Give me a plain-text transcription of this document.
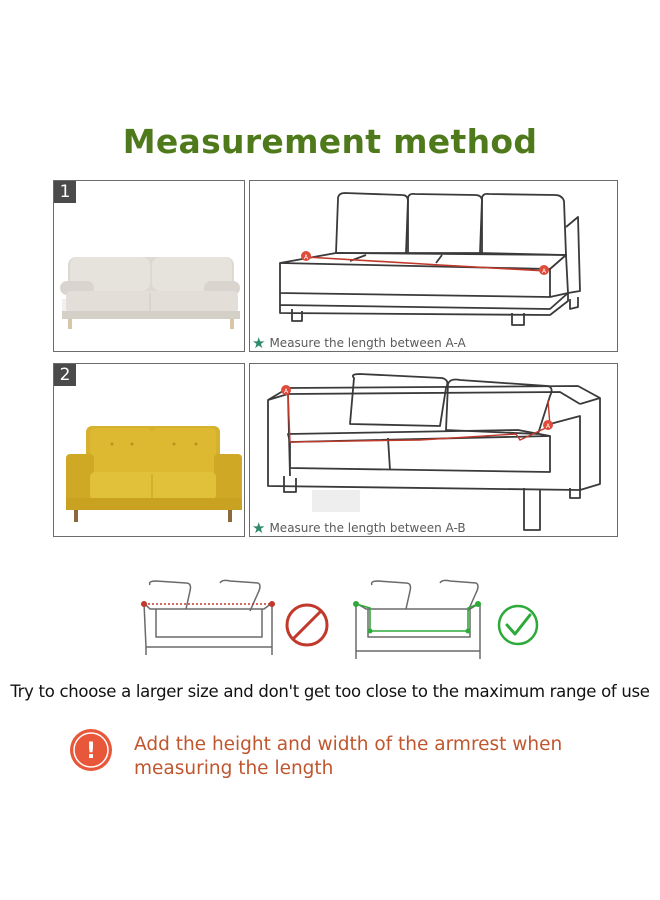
Measurement method
1
A
A
★ Measure the length between A-A
2
A
A
★ Measure the length between A-B
Try to choose a larger size and don't get too close to the maximum range of use
! Add the height and width of the armrest when
measuring the length
